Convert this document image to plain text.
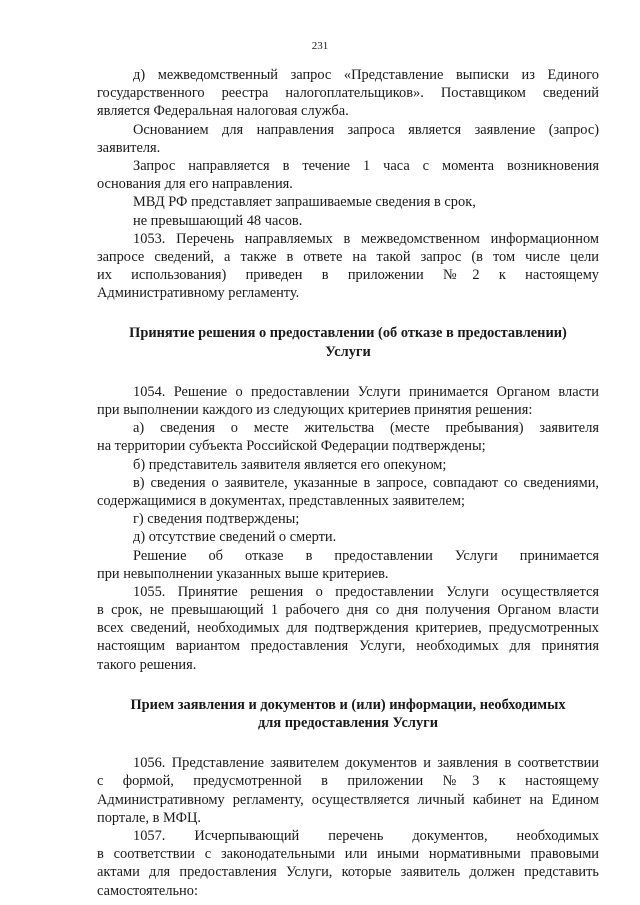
231
д) межведомственный запрос «Представление выписки из Единого
государственного реестра налогоплательщиков». Поставщиком сведений
является Федеральная налоговая служба.
Основанием для направления запроса является заявление (запрос)
заявителя.
Запрос направляется в течение 1 часа с момента возникновения
основания для его направления.
МВД РФ представляет запрашиваемые сведения в срок,
не превышающий 48 часов.
1053. Перечень направляемых в межведомственном информационном
запросе сведений, а также в ответе на такой запрос (в том числе цели
их использования) приведен в приложении №2 к настоящему
Административному регламенту.
Принятие решения о предоставлении (об отказе в предоставлении)
Услуги
1054. Решение о предоставлении Услуги принимается Органом власти
при выполнении каждого из следующих критериев принятия решения:
а) сведения о месте жительства (месте пребывания) заявителя
на территории субъекта Российской Федерации подтверждены;
б) представитель заявителя является его опекуном;
в) сведения о заявителе, указанные в запросе, совпадают со сведениями,
содержащимися в документах, представленных заявителем;
г) сведения подтверждены;
д) отсутствие сведений о смерти.
Решение об отказе в предоставлении Услуги принимается
при невыполнении указанных выше критериев.
1055. Принятие решения о предоставлении Услуги осуществляется
в срок, не превышающий 1 рабочего дня со дня получения Органом власти
всех сведений, необходимых для подтверждения критериев, предусмотренных
настоящим вариантом предоставления Услуги, необходимых для принятия
такого решения.
Прием заявления и документов и (или) информации, необходимых
для предоставления Услуги
1056. Представление заявителем документов и заявления в соответствии
с формой, предусмотренной в приложении №3 к настоящему
Административному регламенту, осуществляется личный кабинет на Едином
портале, в МФЦ.
1057. Исчерпывающий перечень документов, необходимых
в соответствии с законодательными или иными нормативными правовыми
актами для предоставления Услуги, которые заявитель должен представить
самостоятельно:
